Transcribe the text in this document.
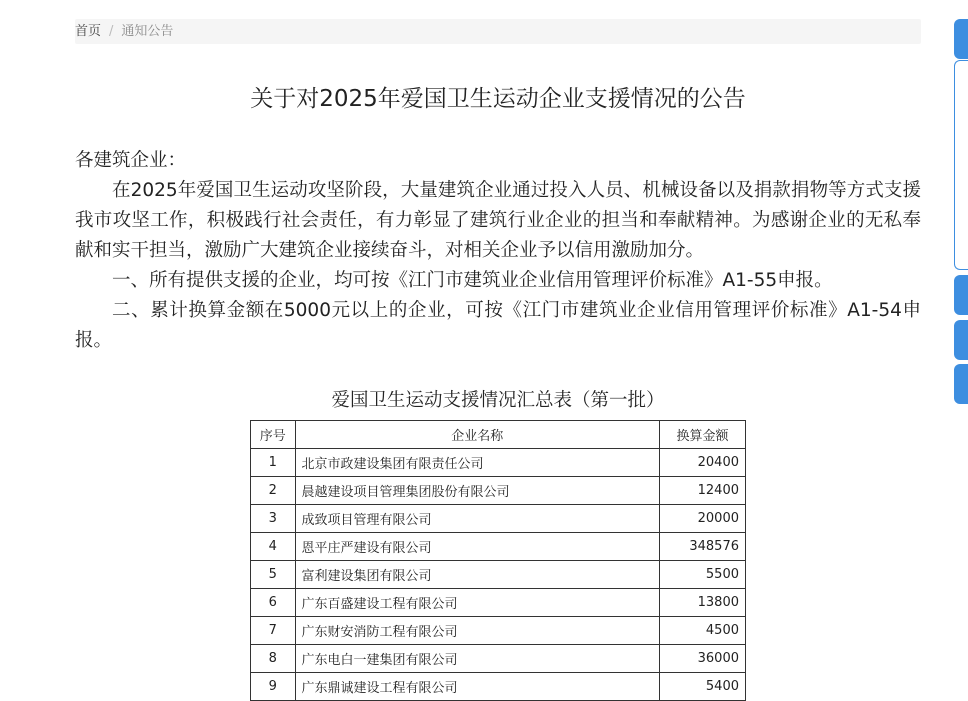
首页 / 通知公告
关于对2025年爱国卫生运动企业支援情况的公告

各建筑企业：

在2025年爱国卫生运动攻坚阶段，大量建筑企业通过投入人员、机械设备以及捐款捐物等方式支援我市攻坚工作，积极践行社会责任，有力彰显了建筑行业企业的担当和奉献精神。为感谢企业的无私奉献和实干担当，激励广大建筑企业接续奋斗，对相关企业予以信用激励加分。

一、所有提供支援的企业，均可按《江门市建筑业企业信用管理评价标准》A1-55申报。

二、累计换算金额在5000元以上的企业，可按《江门市建筑业企业信用管理评价标准》A1-54申报。

爱国卫生运动支援情况汇总表（第一批）
序号	企业名称	换算金额
1	北京市政建设集团有限责任公司	20400
2	晨越建设项目管理集团股份有限公司	12400
3	成致项目管理有限公司	20000
4	恩平庄严建设有限公司	348576
5	富利建设集团有限公司	5500
6	广东百盛建设工程有限公司	13800
7	广东财安消防工程有限公司	4500
8	广东电白一建集团有限公司	36000
9	广东鼎诚建设工程有限公司	5400
